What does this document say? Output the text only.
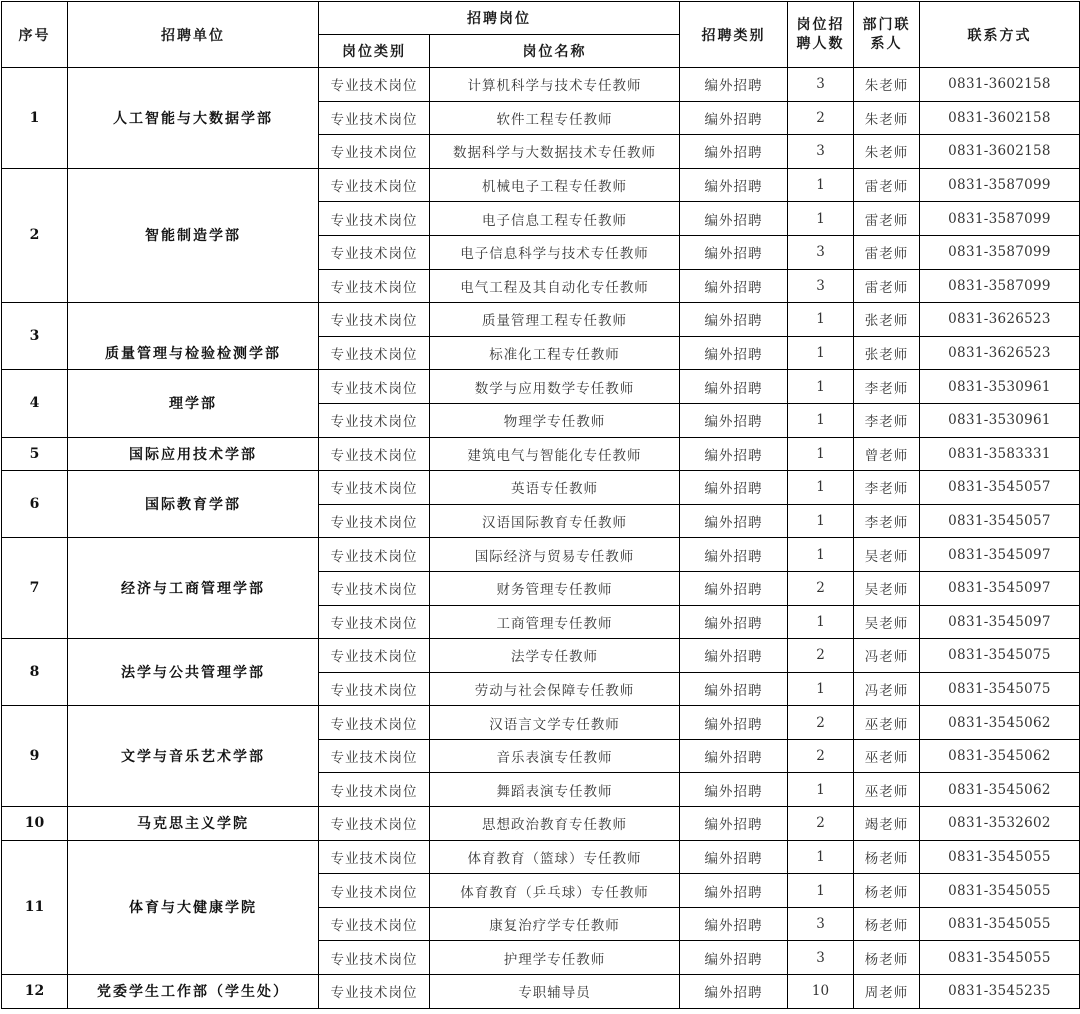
序号	招聘单位	招聘岗位		招聘类别	岗位招聘人数	部门联系人	联系方式
		岗位类别	岗位名称				
1	人工智能与大数据学部	专业技术岗位	计算机科学与技术专任教师	编外招聘	3	朱老师	0831-3602158
		专业技术岗位	软件工程专任教师	编外招聘	2	朱老师	0831-3602158
		专业技术岗位	数据科学与大数据技术专任教师	编外招聘	3	朱老师	0831-3602158
2	智能制造学部	专业技术岗位	机械电子工程专任教师	编外招聘	1	雷老师	0831-3587099
		专业技术岗位	电子信息工程专任教师	编外招聘	1	雷老师	0831-3587099
		专业技术岗位	电子信息科学与技术专任教师	编外招聘	3	雷老师	0831-3587099
		专业技术岗位	电气工程及其自动化专任教师	编外招聘	3	雷老师	0831-3587099
3	质量管理与检验检测学部	专业技术岗位	质量管理工程专任教师	编外招聘	1	张老师	0831-3626523
		专业技术岗位	标准化工程专任教师	编外招聘	1	张老师	0831-3626523
4	理学部	专业技术岗位	数学与应用数学专任教师	编外招聘	1	李老师	0831-3530961
		专业技术岗位	物理学专任教师	编外招聘	1	李老师	0831-3530961
5	国际应用技术学部	专业技术岗位	建筑电气与智能化专任教师	编外招聘	1	曾老师	0831-3583331
6	国际教育学部	专业技术岗位	英语专任教师	编外招聘	1	李老师	0831-3545057
		专业技术岗位	汉语国际教育专任教师	编外招聘	1	李老师	0831-3545057
7	经济与工商管理学部	专业技术岗位	国际经济与贸易专任教师	编外招聘	1	吴老师	0831-3545097
		专业技术岗位	财务管理专任教师	编外招聘	2	吴老师	0831-3545097
		专业技术岗位	工商管理专任教师	编外招聘	1	吴老师	0831-3545097
8	法学与公共管理学部	专业技术岗位	法学专任教师	编外招聘	2	冯老师	0831-3545075
		专业技术岗位	劳动与社会保障专任教师	编外招聘	1	冯老师	0831-3545075
9	文学与音乐艺术学部	专业技术岗位	汉语言文学专任教师	编外招聘	2	巫老师	0831-3545062
		专业技术岗位	音乐表演专任教师	编外招聘	2	巫老师	0831-3545062
		专业技术岗位	舞蹈表演专任教师	编外招聘	1	巫老师	0831-3545062
10	马克思主义学院	专业技术岗位	思想政治教育专任教师	编外招聘	2	竭老师	0831-3532602
11	体育与大健康学院	专业技术岗位	体育教育（篮球）专任教师	编外招聘	1	杨老师	0831-3545055
		专业技术岗位	体育教育（乒乓球）专任教师	编外招聘	1	杨老师	0831-3545055
		专业技术岗位	康复治疗学专任教师	编外招聘	3	杨老师	0831-3545055
		专业技术岗位	护理学专任教师	编外招聘	3	杨老师	0831-3545055
12	党委学生工作部（学生处）	专业技术岗位	专职辅导员	编外招聘	10	周老师	0831-3545235
